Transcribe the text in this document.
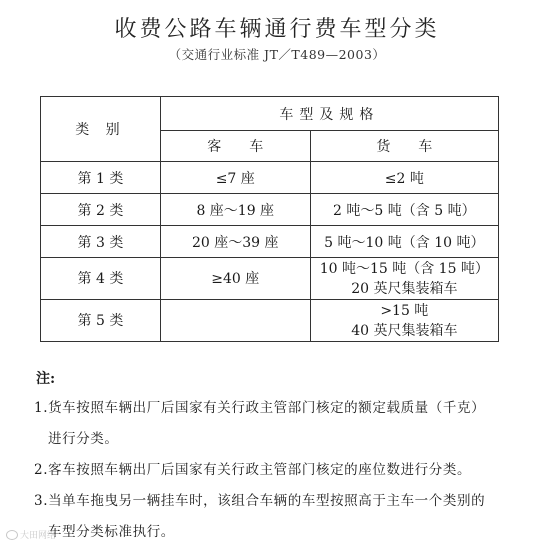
收费公路车辆通行费车型分类
（交通行业标准 JT／T489—2003）
类 别	车型及规格	
	客　　车	货　　车
第 1 类	≤7 座	≤2 吨
第 2 类	8 座～19 座	2 吨～5 吨（含 5 吨）
第 3 类	20 座～39 座	5 吨～10 吨（含 10 吨）
第 4 类	≥40 座	10 吨～15 吨（含 15 吨）
20 英尺集装箱车

第 5 类		>15 吨
40 英尺集装箱车
注:
1.货车按照车辆出厂后国家有关行政主管部门核定的额定载质量（千克）
进行分类。
2.客车按照车辆出厂后国家有关行政主管部门核定的座位数进行分类。
3.当单车拖曳另一辆挂车时，该组合车辆的车型按照高于主车一个类别的
车型分类标准执行。
大田网络
